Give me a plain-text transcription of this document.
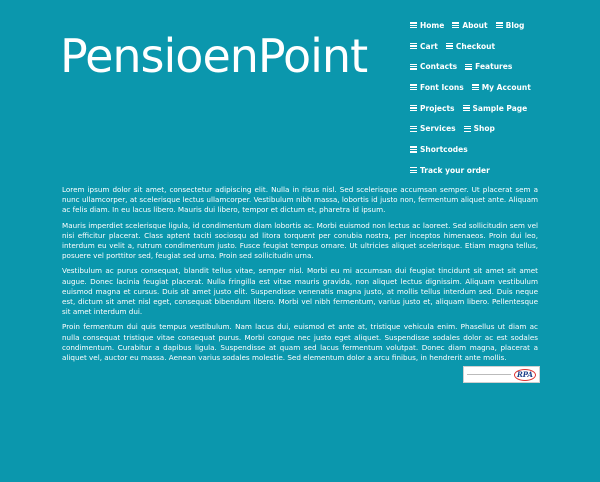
PensioenPoint
Home About Blog
Cart Checkout
Contacts Features
Font Icons My Account
Projects Sample Page
Services Shop
Shortcodes
Track your order

Lorem ipsum dolor sit amet, consectetur adipiscing elit. Nulla in risus nisl. Sed scelerisque accumsan semper. Ut placerat sem a nunc ullamcorper, at scelerisque lectus ullamcorper. Vestibulum nibh massa, lobortis id justo non, fermentum aliquet ante. Aliquam ac felis diam. In eu lacus libero. Mauris dui libero, tempor et dictum et, pharetra id ipsum.

Mauris imperdiet scelerisque ligula, id condimentum diam lobortis ac. Morbi euismod non lectus ac laoreet. Sed sollicitudin sem vel nisi efficitur placerat. Class aptent taciti sociosqu ad litora torquent per conubia nostra, per inceptos himenaeos. Proin dui leo, interdum eu velit a, rutrum condimentum justo. Fusce feugiat tempus ornare. Ut ultricies aliquet scelerisque. Etiam magna tellus, posuere vel porttitor sed, feugiat sed urna. Proin sed sollicitudin urna.

Vestibulum ac purus consequat, blandit tellus vitae, semper nisl. Morbi eu mi accumsan dui feugiat tincidunt sit amet sit amet augue. Donec lacinia feugiat placerat. Nulla fringilla est vitae mauris gravida, non aliquet lectus dignissim. Aliquam vestibulum euismod magna et cursus. Duis sit amet justo elit. Suspendisse venenatis magna justo, at mollis tellus interdum sed. Duis neque est, dictum sit amet nisl eget, consequat bibendum libero. Morbi vel nibh fermentum, varius justo et, aliquam libero. Pellentesque sit amet interdum dui.

Proin fermentum dui quis tempus vestibulum. Nam lacus dui, euismod et ante at, tristique vehicula enim. Phasellus ut diam ac nulla consequat tristique vitae consequat purus. Morbi congue nec justo eget aliquet. Suspendisse sodales dolor ac est sodales condimentum. Curabitur a dapibus ligula. Suspendisse at quam sed lacus fermentum volutpat. Donec diam magna, placerat a aliquet vel, auctor eu massa. Aenean varius sodales molestie. Sed elementum dolor a arcu finibus, in hendrerit ante mollis.

RPA
